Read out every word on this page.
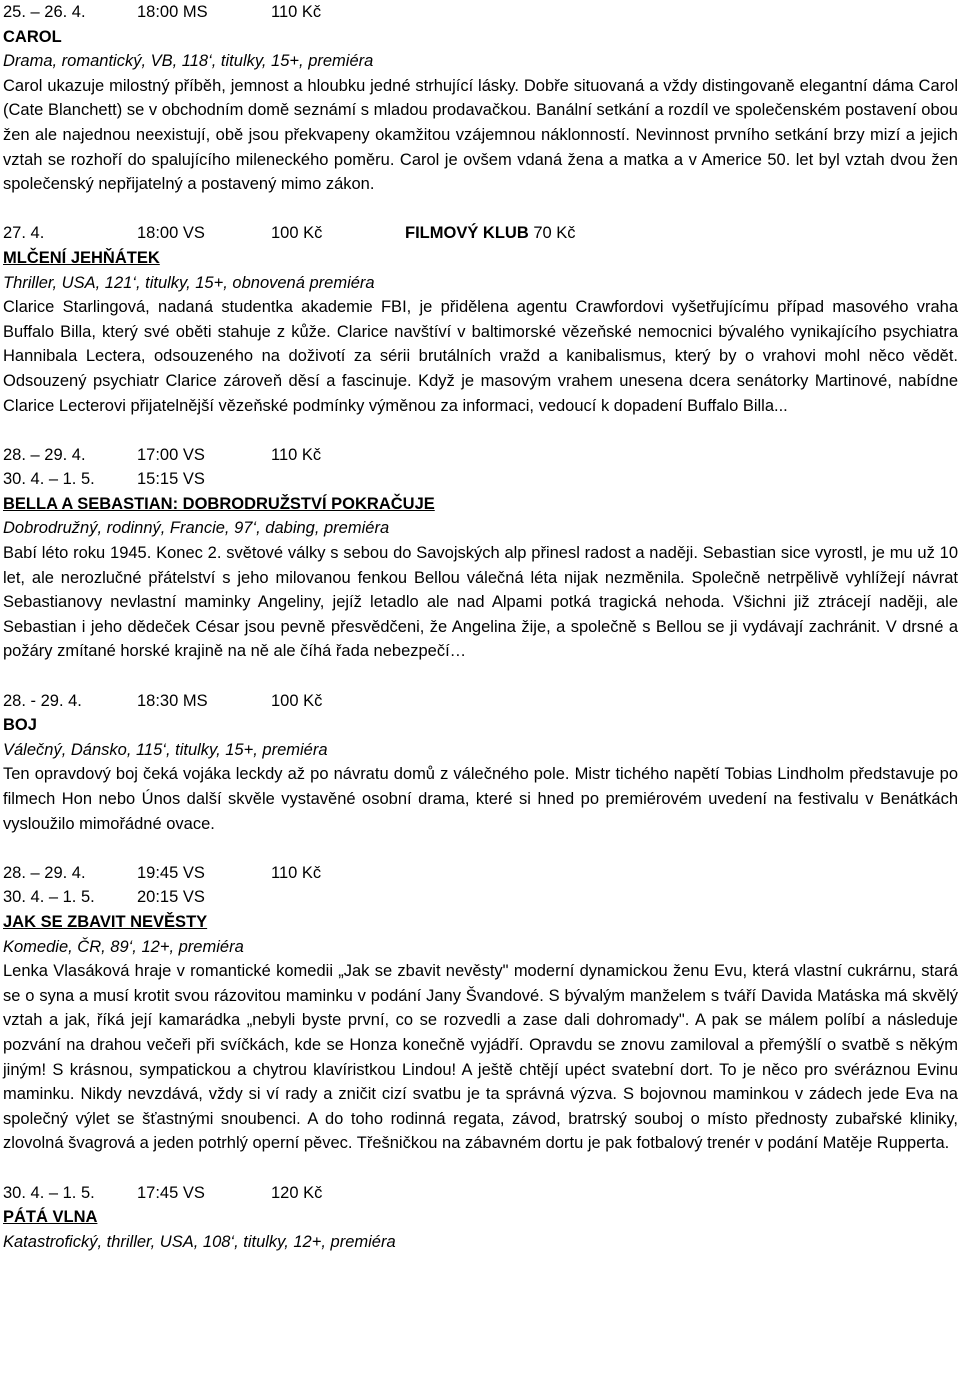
25. – 26. 4.	18:00 MS	110 Kč
CAROL
Drama, romantický, VB, 118‘, titulky, 15+, premiéra
Carol ukazuje milostný příběh, jemnost a hloubku jedné strhující lásky. Dobře situovaná a vždy distingovaně elegantní dáma Carol (Cate Blanchett) se v obchodním domě seznámí s mladou prodavačkou. Banální setkání a rozdíl ve společenském postavení obou žen ale najednou neexistují, obě jsou překvapeny okamžitou vzájemnou náklonností. Nevinnost prvního setkání brzy mizí a jejich vztah se rozhoří do spalujícího mileneckého poměru. Carol je ovšem vdaná žena a matka a v Americe 50. let byl vztah dvou žen společenský nepřijatelný a postavený mimo zákon.
27. 4.	18:00 VS	100 Kč	FILMOVÝ KLUB 70 Kč
MLČENÍ JEHŇÁTEK
Thriller, USA, 121‘, titulky, 15+, obnovená premiéra
Clarice Starlingová, nadaná studentka akademie FBI, je přidělena agentu Crawfordovi vyšetřujícímu případ masového vraha Buffalo Billa, který své oběti stahuje z kůže. Clarice navštíví v baltimorské vězeňské nemocnici bývalého vynikajícího psychiatra Hannibala Lectera, odsouzeného na doživotí za sérii brutálních vražd a kanibalismus, který by o vrahovi mohl něco vědět. Odsouzený psychiatr Clarice zároveň děsí a fascinuje. Když je masovým vrahem unesena dcera senátorky Martinové, nabídne Clarice Lecterovi přijatelnější vězeňské podmínky výměnou za informaci, vedoucí k dopadení Buffalo Billa...
28. – 29. 4.	17:00 VS	110 Kč
30. 4. – 1. 5.	15:15 VS
BELLA A SEBASTIAN: DOBRODRUŽSTVÍ POKRAČUJE
Dobrodružný, rodinný, Francie, 97‘, dabing, premiéra
Babí léto roku 1945. Konec 2. světové války s sebou do Savojských alp přinesl radost a naději. Sebastian sice vyrostl, je mu už 10 let, ale nerozlučné přátelství s jeho milovanou fenkou Bellou válečná léta nijak nezměnila. Společně netrpělivě vyhlížejí návrat Sebastianovy nevlastní maminky Angeliny, jejíž letadlo ale nad Alpami potká tragická nehoda. Všichni již ztrácejí naději, ale Sebastian i jeho dědeček César jsou pevně přesvědčeni, že Angelina žije, a společně s Bellou se ji vydávají zachránit. V drsné a požáry zmítané horské krajině na ně ale číhá řada nebezpečí…
28. - 29. 4.	18:30 MS	100 Kč
BOJ
Válečný, Dánsko, 115‘, titulky, 15+, premiéra
Ten opravdový boj čeká vojáka leckdy až po návratu domů z válečného pole. Mistr tichého napětí Tobias Lindholm představuje po filmech Hon nebo Únos další skvěle vystavěné osobní drama, které si hned po premiérovém uvedení na festivalu v Benátkách vysloužilo mimořádné ovace.
28. – 29. 4.	19:45 VS	110 Kč
30. 4. – 1. 5.	20:15 VS
JAK SE ZBAVIT NEVĚSTY
Komedie, ČR, 89‘, 12+, premiéra
Lenka Vlasáková hraje v romantické komedii „Jak se zbavit nevěsty" moderní dynamickou ženu Evu, která vlastní cukrárnu, stará se o syna a musí krotit svou rázovitou maminku v podání Jany Švandové. S bývalým manželem s tváří Davida Matáska má skvělý vztah a jak, říká její kamarádka „nebyli byste první, co se rozvedli a zase dali dohromady". A pak se málem políbí a následuje pozvání na drahou večeři při svíčkách, kde se Honza konečně vyjádří. Opravdu se znovu zamiloval a přemýšlí o svatbě s někým jiným! S krásnou, sympatickou a chytrou klavíristkou Lindou! A ještě chtějí upéct svatební dort. To je něco pro svéráznou Evinu maminku. Nikdy nevzdává, vždy si ví rady a zničit cizí svatbu je ta správná výzva. S bojovnou maminkou v zádech jede Eva na společný výlet se šťastnými snoubenci. A do toho rodinná regata, závod, bratrský souboj o místo přednosty zubařské kliniky, zlovolná švagrová a jeden potrhlý operní pěvec. Třešničkou na zábavném dortu je pak fotbalový trenér v podání Matěje Rupperta.
30. 4. – 1. 5.	17:45 VS	120 Kč
PÁTÁ VLNA
Katastrofický, thriller, USA, 108‘, titulky, 12+, premiéra
